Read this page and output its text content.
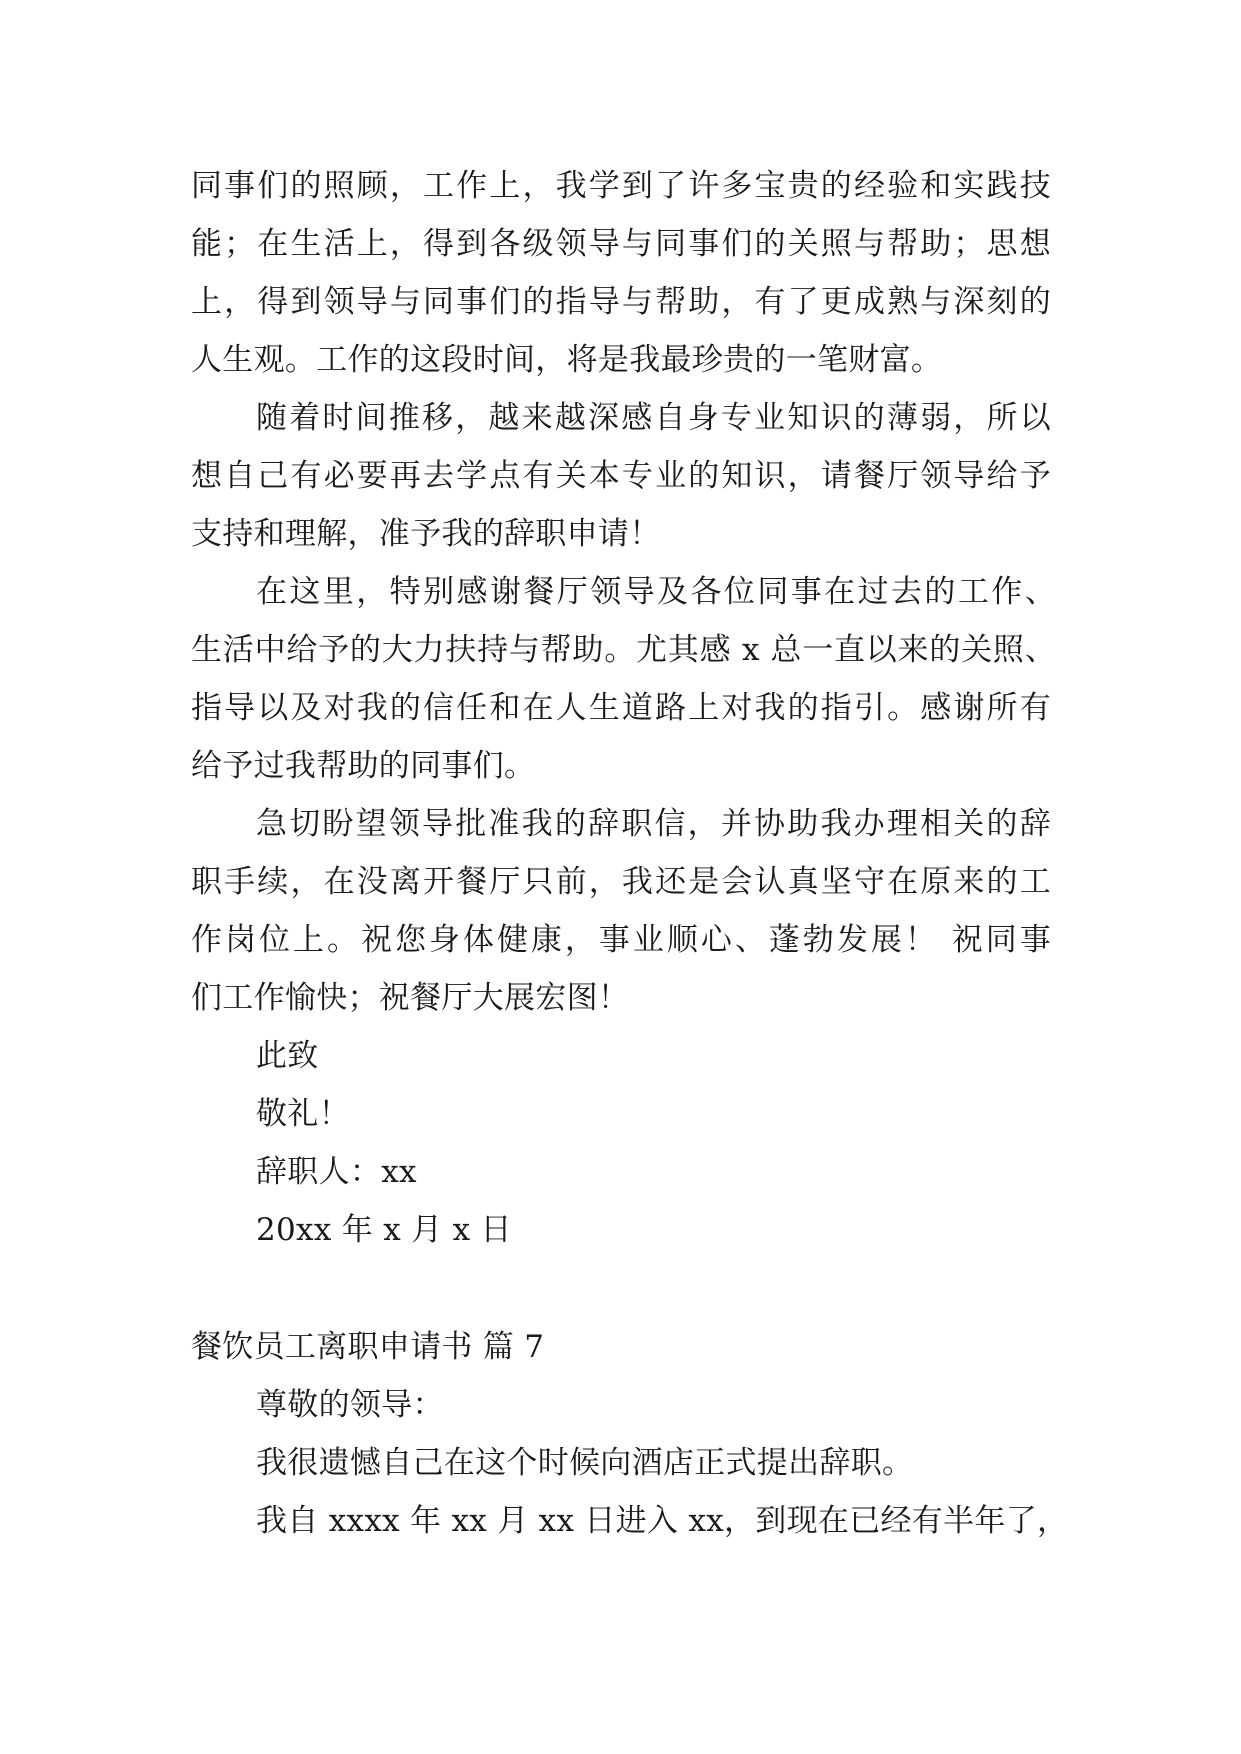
同事们的照顾，工作上，我学到了许多宝贵的经验和实践技
能；在生活上，得到各级领导与同事们的关照与帮助；思想
上，得到领导与同事们的指导与帮助，有了更成熟与深刻的
人生观。工作的这段时间，将是我最珍贵的一笔财富。
随着时间推移，越来越深感自身专业知识的薄弱，所以
想自己有必要再去学点有关本专业的知识，请餐厅领导给予
支持和理解，准予我的辞职申请！
在这里，特别感谢餐厅领导及各位同事在过去的工作、
生活中给予的大力扶持与帮助。尤其感 x 总一直以来的关照、
指导以及对我的信任和在人生道路上对我的指引。感谢所有
给予过我帮助的同事们。
急切盼望领导批准我的辞职信，并协助我办理相关的辞
职手续，在没离开餐厅只前，我还是会认真坚守在原来的工
作岗位上。祝您身体健康，事业顺心、蓬勃发展！ 祝同事
们工作愉快；祝餐厅大展宏图！
此致
敬礼！
辞职人：xx
20xx 年 x 月 x 日
餐饮员工离职申请书 篇 7
尊敬的领导：
我很遗憾自己在这个时候向酒店正式提出辞职。
我自 xxxx 年 xx 月 xx 日进入 xx，到现在已经有半年了，
